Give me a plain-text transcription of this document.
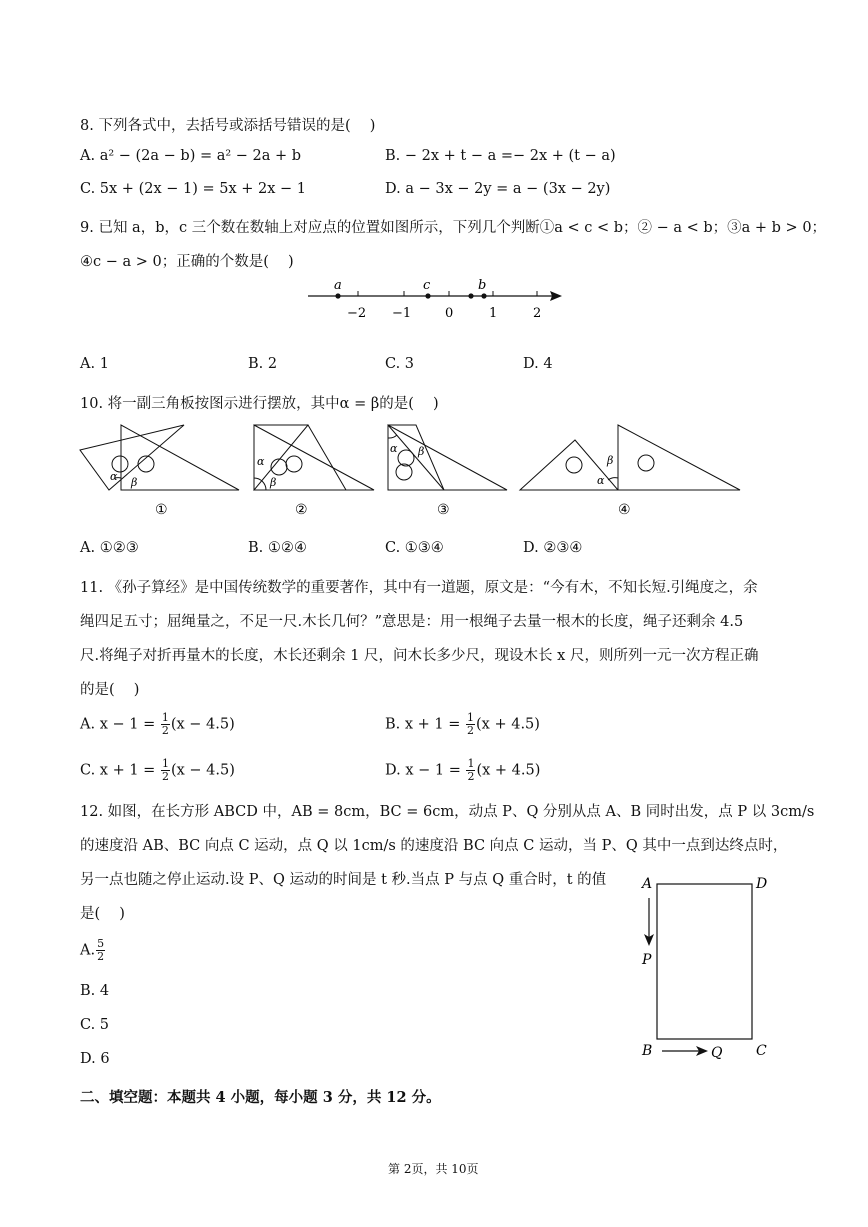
8. 下列各式中，去括号或添括号错误的是(　 )
A. a² − (2a − b) = a² − 2a + b	B. − 2x + t − a =− 2x + (t − a)
C. 5x + (2x − 1) = 5x + 2x − 1	D. a − 3x − 2y = a − (3x − 2y)
9. 已知 a，b，c 三个数在数轴上对应点的位置如图所示，下列几个判断①a < c < b；② − a < b；③a + b > 0；
④c − a > 0；正确的个数是(　 )
a	c	b
−2 −1	0	1	2
A. 1	B. 2	C. 3	D. 4
10. 将一副三角板按图示进行摆放，其中α = β的是(　 )
α β
①
α
β
②
α β
③
α
β
④
A. ①②③	B. ①②④	C. ①③④	D. ②③④
11. 《孙子算经》是中国传统数学的重要著作，其中有一道题，原文是：“今有木，不知长短.引绳度之，余
绳四足五寸；屈绳量之，不足一尺.木长几何？”意思是：用一根绳子去量一根木的长度，绳子还剩余 4.5
尺.将绳子对折再量木的长度，木长还剩余 1 尺，问木长多少尺，现设木长 x 尺，则所列一元一次方程正确
的是(　 )
A. $x - 1 = \frac{1}{2} (x - 4.5)$	B. $x + 1 = \frac{1}{2} (x + 4.5)$
C. $x + 1 = \frac{1}{2} (x - 4.5)$	D. $x - 1 = \frac{1}{2} (x + 4.5)$
12. 如图，在长方形 ABCD 中，AB = 8cm，BC = 6cm，动点 P、Q 分别从点 A、B 同时出发，点 P 以 3cm/s
的速度沿 AB、BC 向点 C 运动，点 Q 以 1cm/s 的速度沿 BC 向点 C 运动，当 P、Q 其中一点到达终点时，
另一点也随之停止运动.设 P、Q 运动的时间是 t 秒.当点 P 与点 Q 重合时，t 的值
是(　 )
A. $\frac{5}{2}$
B. 4
C. 5
D. 6
A	D
P
B	Q C
二、填空题：本题共 4 小题，每小题 3 分，共 12 分。
第 2页，共 10页
